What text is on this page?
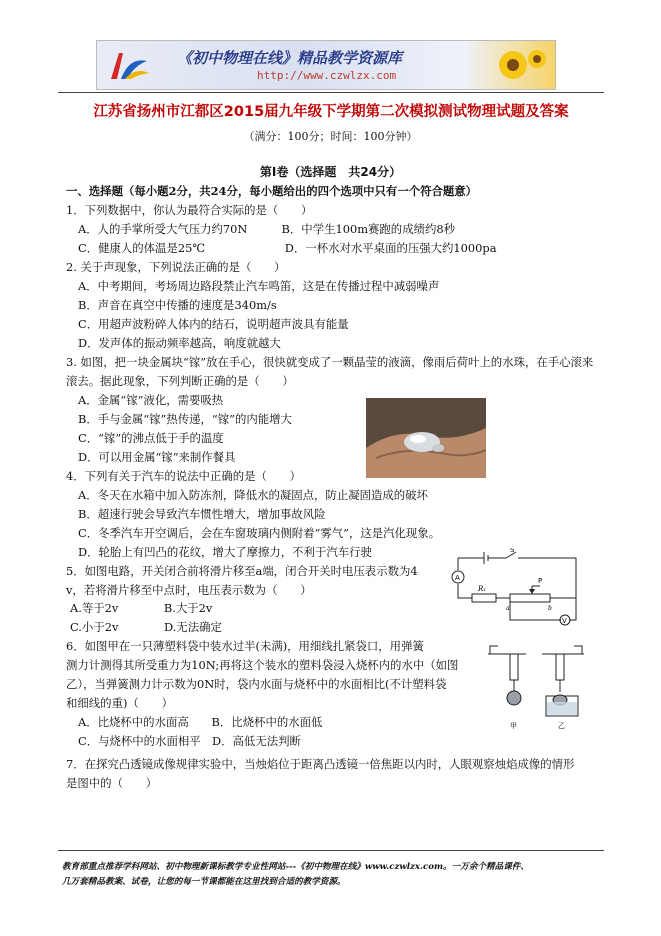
《初中物理在线》精品教学资源库
http://www.czwlzx.com
江苏省扬州市江都区2015届九年级下学期第二次模拟测试物理试题及答案
（满分：100分；时间：100分钟）
第Ⅰ卷（选择题　共24分）
一、选择题（每小题2分，共24分，每小题给出的四个选项中只有一个符合题意）
1．下列数据中，你认为最符合实际的是（　　）
A．人的手掌所受大气压力约70N　　　B．中学生100m赛跑的成绩约8秒
C．健康人的体温是25℃　　　　　　　D．一杯水对水平桌面的压强大约1000pa
2. 关于声现象，下列说法正确的是（　　）
A．中考期间，考场周边路段禁止汽车鸣笛，这是在传播过程中减弱噪声
B．声音在真空中传播的速度是340m/s
C．用超声波粉碎人体内的结石，说明超声波具有能量
D．发声体的振动频率越高，响度就越大
3. 如图，把一块金属块“镓”放在手心，很快就变成了一颗晶莹的液滴，像雨后荷叶上的水珠，在手心滚来
滚去。据此现象，下列判断正确的是（　　）
A．金属“镓”液化，需要吸热
B．手与金属“镓”热传递，“镓”的内能增大
C．“镓”的沸点低于手的温度
D．可以用金属“镓”来制作餐具
4．下列有关于汽车的说法中正确的是（　　）
A．冬天在水箱中加入防冻剂，降低水的凝固点，防止凝固造成的破坏
B．超速行驶会导致汽车惯性增大，增加事故风险
C．冬季汽车开空调后，会在车窗玻璃内侧附着“雾气”，这是汽化现象。
D．轮胎上有凹凸的花纹，增大了摩擦力，不利于汽车行驶
5．如图电路，开关闭合前将滑片移至a端，闭合开关时电压表示数为4
v，若将滑片移至中点时，电压表示数为（　　）
A.等于2v　　　　B.大于2v
C.小于2v　　　　D.无法确定
6．如图甲在一只薄塑料袋中装水过半(未满)，用细线扎紧袋口，用弹簧
测力计测得其所受重力为10N;再将这个装水的塑料袋浸入烧杯内的水中（如图
乙），当弹簧测力计示数为0N时，袋内水面与烧杯中的水面相比(不计塑料袋
和细线的重)（　　）
A．比烧杯中的水面高　　B．比烧杯中的水面低
C．与烧杯中的水面相平　D．高低无法判断
7．在探究凸透镜成像规律实验中，当烛焰位于距离凸透镜一倍焦距以内时，人眼观察烛焰成像的情形
是图中的（　　）
A
V
S
R₁
P
a	b
甲	乙
教育部重点推荐学科网站、初中物理新课标教学专业性网站---《初中物理在线》www.czwlzx.com。一万余个精品课件、
几万套精品教案、试卷，让您的每一节课都能在这里找到合适的教学资源。
